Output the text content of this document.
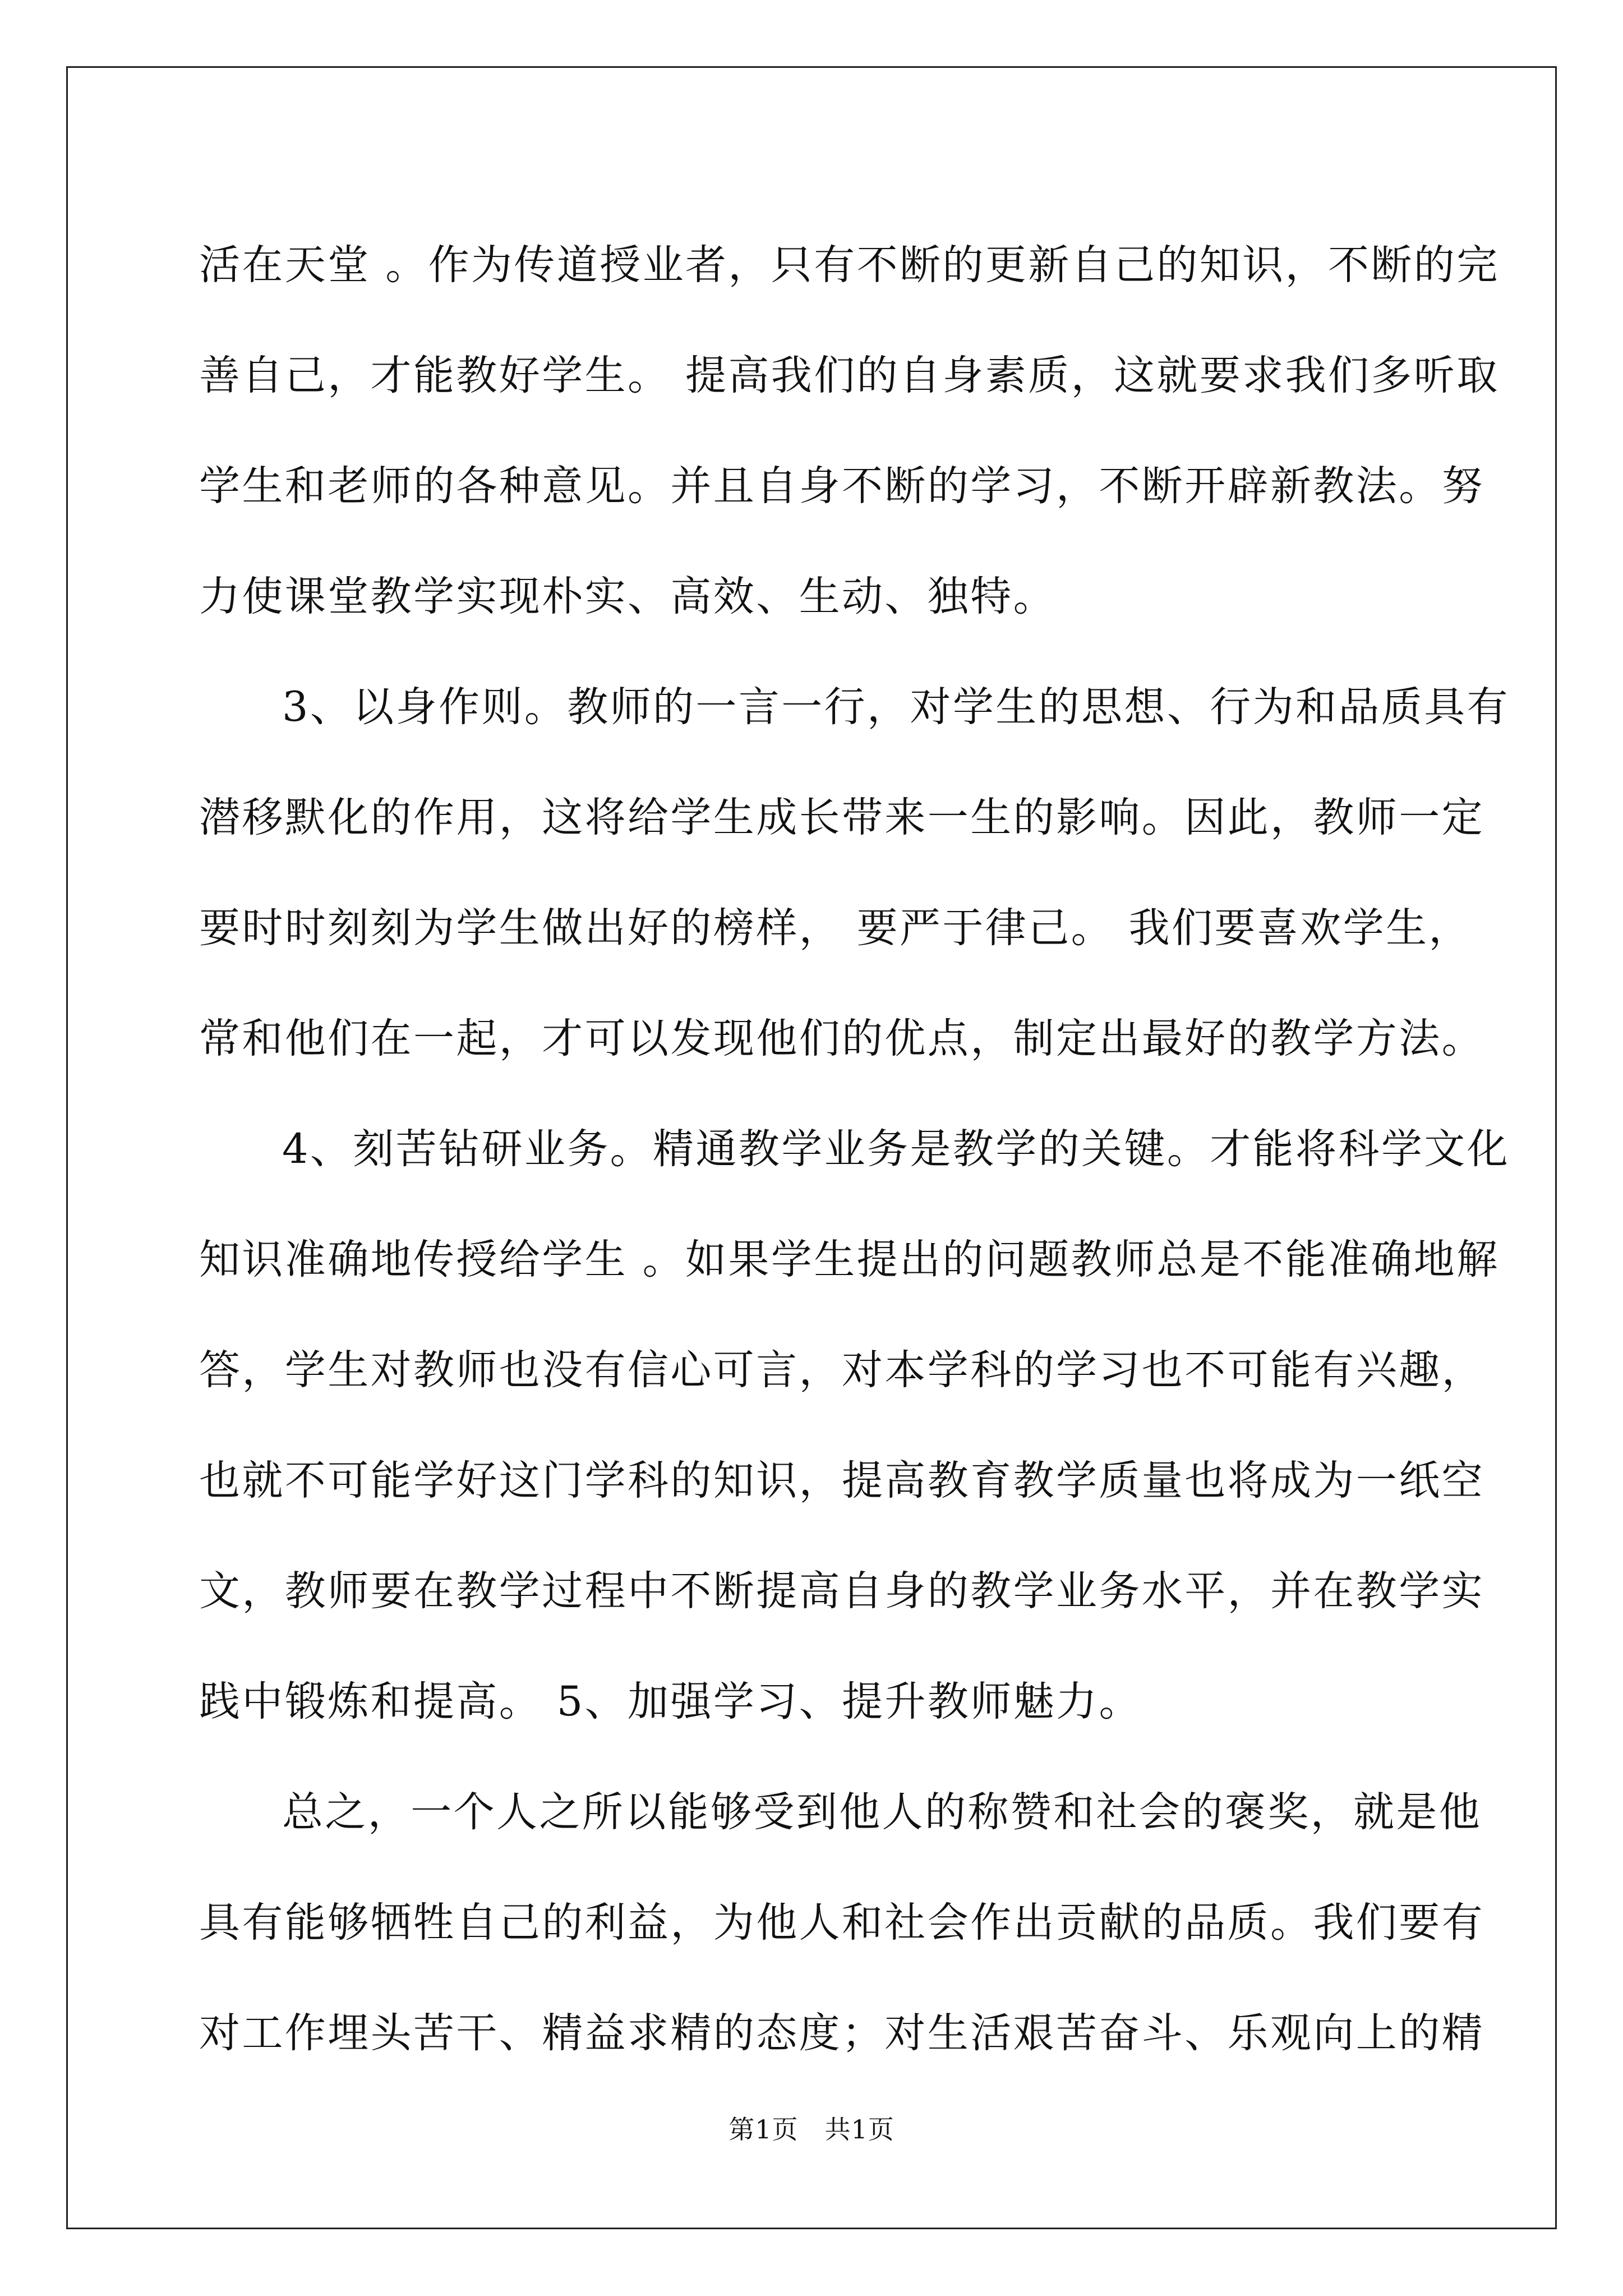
活在天堂 。作为传道授业者，只有不断的更新自己的知识，不断的完
善自己，才能教好学生。 提高我们的自身素质，这就要求我们多听取
学生和老师的各种意见。并且自身不断的学习，不断开辟新教法。努
力使课堂教学实现朴实、高效、生动、独特。
3、以身作则。教师的一言一行，对学生的思想、行为和品质具有
潜移默化的作用，这将给学生成长带来一生的影响。因此，教师一定
要时时刻刻为学生做出好的榜样， 要严于律己。 我们要喜欢学生，
常和他们在一起，才可以发现他们的优点，制定出最好的教学方法。
4、刻苦钻研业务。精通教学业务是教学的关键。才能将科学文化
知识准确地传授给学生 。如果学生提出的问题教师总是不能准确地解
答，学生对教师也没有信心可言，对本学科的学习也不可能有兴趣，
也就不可能学好这门学科的知识，提高教育教学质量也将成为一纸空
文，教师要在教学过程中不断提高自身的教学业务水平，并在教学实
践中锻炼和提高。 5、加强学习、提升教师魅力。
总之，一个人之所以能够受到他人的称赞和社会的褒奖，就是他
具有能够牺牲自己的利益，为他人和社会作出贡献的品质。我们要有
对工作埋头苦干、精益求精的态度；对生活艰苦奋斗、乐观向上的精
第1页　共1页
